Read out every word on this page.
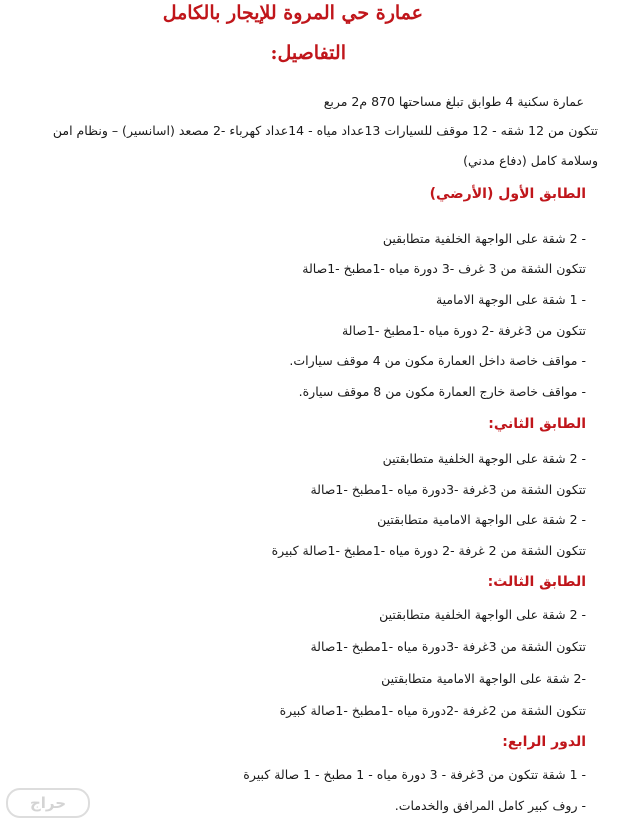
عمارة حي المروة للإيجار بالكامل
التفاصيل:
عمارة سكنية 4 طوابق تبلغ مساحتها 870 م2 مربع
تتكون من 12 شقه - 12 موقف للسيارات 13عداد مياه - 14عداد كهرباء -2 مصعد (اسانسير) – ونظام امن وسلامة كامل (دفاع مدني)
الطابق الأول (الأرضي)
- 2 شقة على الواجهة الخلفية متطابقين
تتكون الشقة من 3 غرف -3 دورة مياه -1مطبخ -1صالة
- 1 شقة على الوجهة الامامية
تتكون من 3غرفة -2 دورة مياه -1مطبخ -1صالة
- مواقف خاصة داخل العمارة مكون من 4 موقف سيارات.
- مواقف خاصة خارج العمارة مكون من 8 موقف سيارة.
الطابق الثاني:
- 2 شقة على الوجهة الخلفية متطابقتين
تتكون الشقة من 3غرفة -3دورة مياه -1مطبخ -1صالة
- 2 شقة على الواجهة الامامية متطابقتين
تتكون الشقة من 2 غرفة -2 دورة مياه -1مطبخ -1صالة كبيرة
الطابق الثالث:
- 2 شقة على الواجهة الخلفية متطابقتين
تتكون الشقة من 3غرفة -3دورة مياه -1مطبخ -1صالة
-2 شقة على الواجهة الامامية متطابقتين
تتكون الشقة من 2غرفة -2دورة مياه -1مطبخ -1صالة كبيرة
الدور الرابع:
- 1 شقة تتكون من 3غرفة - 3 دورة مياه - 1 مطبخ - 1 صالة كبيرة
- روف كبير كامل المرافق والخدمات.
حراج
